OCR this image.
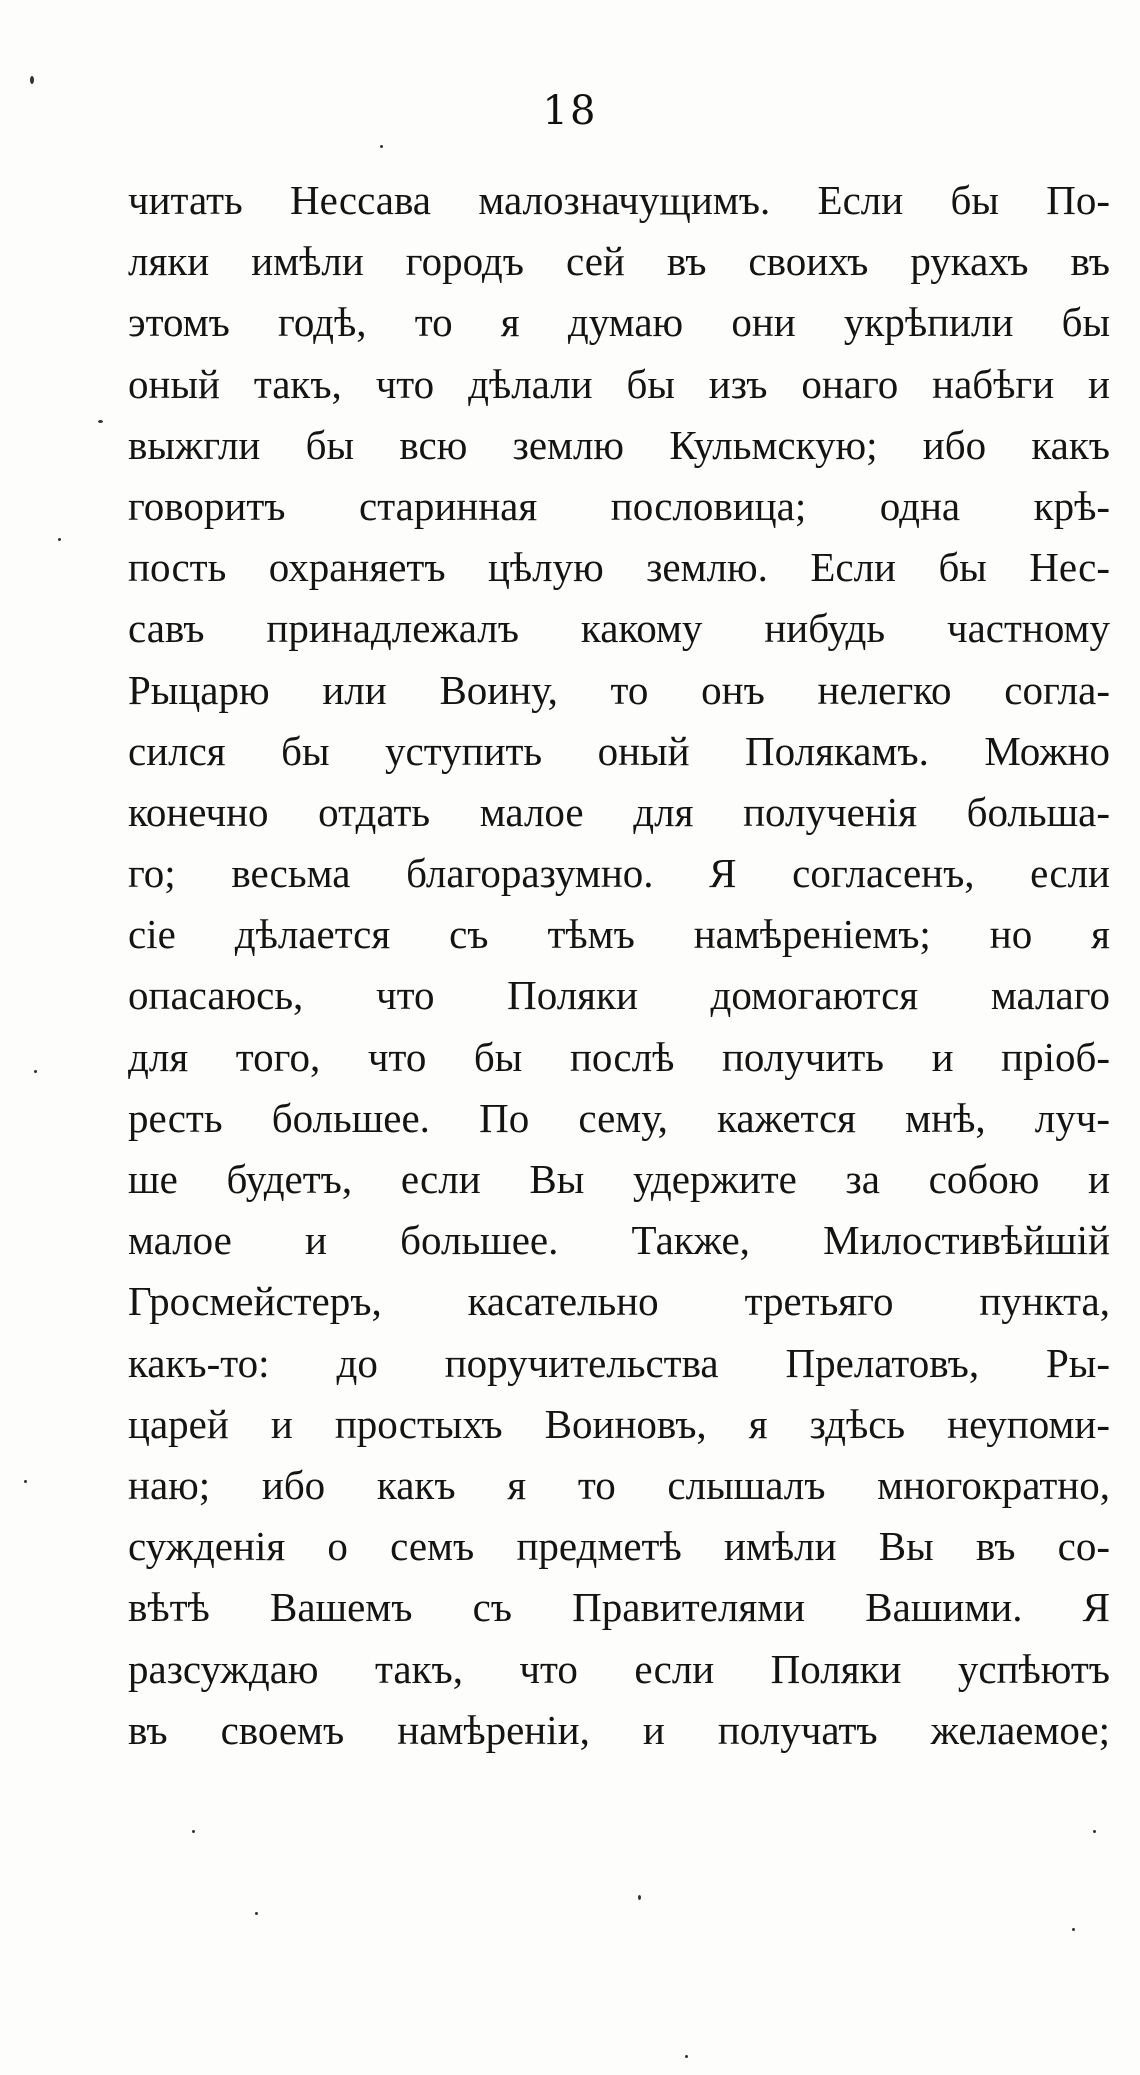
18
читать Нессава малозначущимъ. Если бы По-
ляки имѣли городъ сей въ своихъ рукахъ въ
этомъ годѣ, то я думаю они укрѣпили бы
оный такъ, что дѣлали бы изъ онаго набѣги и
выжгли бы всю землю Кульмскую; ибо какъ
говоритъ старинная пословица; одна крѣ-
пость охраняетъ цѣлую землю. Если бы Нес-
савъ принадлежалъ какому нибудь частному
Рыцарю или Воину, то онъ нелегко согла-
сился бы уступить оный Полякамъ. Можно
конечно отдать малое для полученія больша-
го; весьма благоразумно. Я согласенъ, если
сіе дѣлается съ тѣмъ намѣреніемъ; но я
опасаюсь, что Поляки домогаются малаго
для того, что бы послѣ получить и пріоб-
ресть большее. По сему, кажется мнѣ, луч-
ше будетъ, если Вы удержите за собою и
малое и большее. Также, Милостивѣйшій
Гросмейстеръ, касательно третьяго пункта,
какъ-то: до поручительства Прелатовъ, Ры-
царей и простыхъ Воиновъ, я здѣсь неупоми-
наю; ибо какъ я то слышалъ многократно,
сужденія о семъ предметѣ имѣли Вы въ со-
вѣтѣ Вашемъ съ Правителями Вашими. Я
разсуждаю такъ, что если Поляки успѣютъ
въ своемъ намѣреніи, и получатъ желаемое;
